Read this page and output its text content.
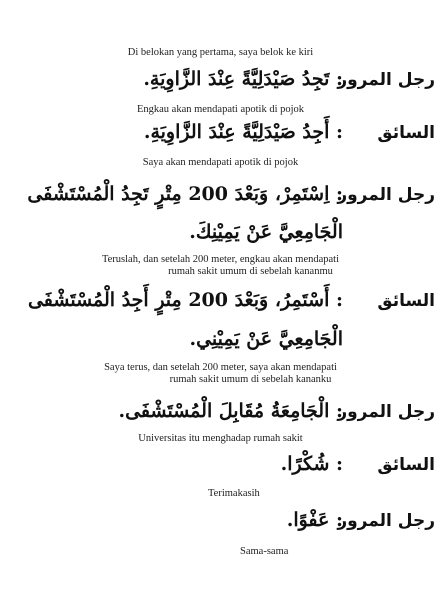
Di belokan yang pertama, saya belok ke kiri
رجل المرور
: تَجِدُ صَيْدَلِيَّةً عِنْدَ الزَّاوِيَةِ.
Engkau akan mendapati apotik di pojok
السائق
: أَجِدُ صَيْدَلِيَّةً عِنْدَ الزَّاوِيَةِ.
Saya akan mendapati apotik di pojok
رجل المرور
: اِسْتَمِرْ، وَبَعْدَ 200 مِتْرٍ تَجِدُ الْمُسْتَشْفَى
الْجَامِعِيَّ عَنْ يَمِيْنِكَ.
Teruslah, dan setelah 200 meter, engkau akan mendapati
rumah sakit umum di sebelah kananmu
السائق
: أَسْتَمِرُ، وَبَعْدَ 200 مِتْرٍ أَجِدُ الْمُسْتَشْفَى
الْجَامِعِيَّ عَنْ يَمِيْنِي.
Saya terus, dan setelah 200 meter, saya akan mendapati
rumah sakit umum di sebelah kananku
رجل المرور
: الْجَامِعَةُ مُقَابِلَ الْمُسْتَشْفَى.
Universitas itu menghadap rumah sakit
السائق
: شُكْرًا.
Terimakasih
رجل المرور
: عَفْوًا.
Sama-sama
